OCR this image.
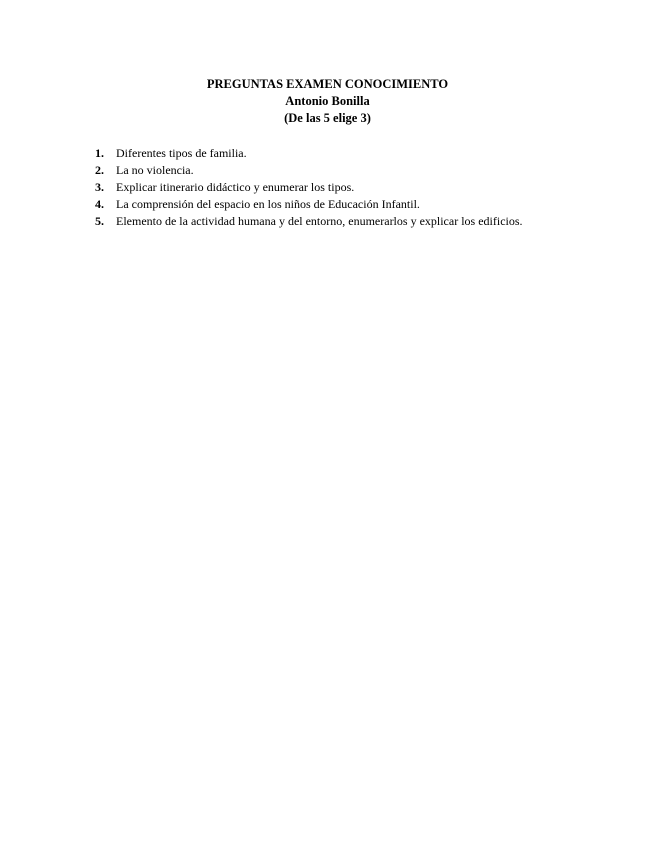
PREGUNTAS EXAMEN CONOCIMIENTO
Antonio Bonilla
(De las 5 elige 3)
1.	Diferentes tipos de familia.
2.	La no violencia.
3.	Explicar itinerario didáctico y enumerar los tipos.
4.	La comprensión del espacio en los niños de Educación Infantil.
5.	Elemento de la actividad humana y del entorno, enumerarlos y explicar los edificios.
